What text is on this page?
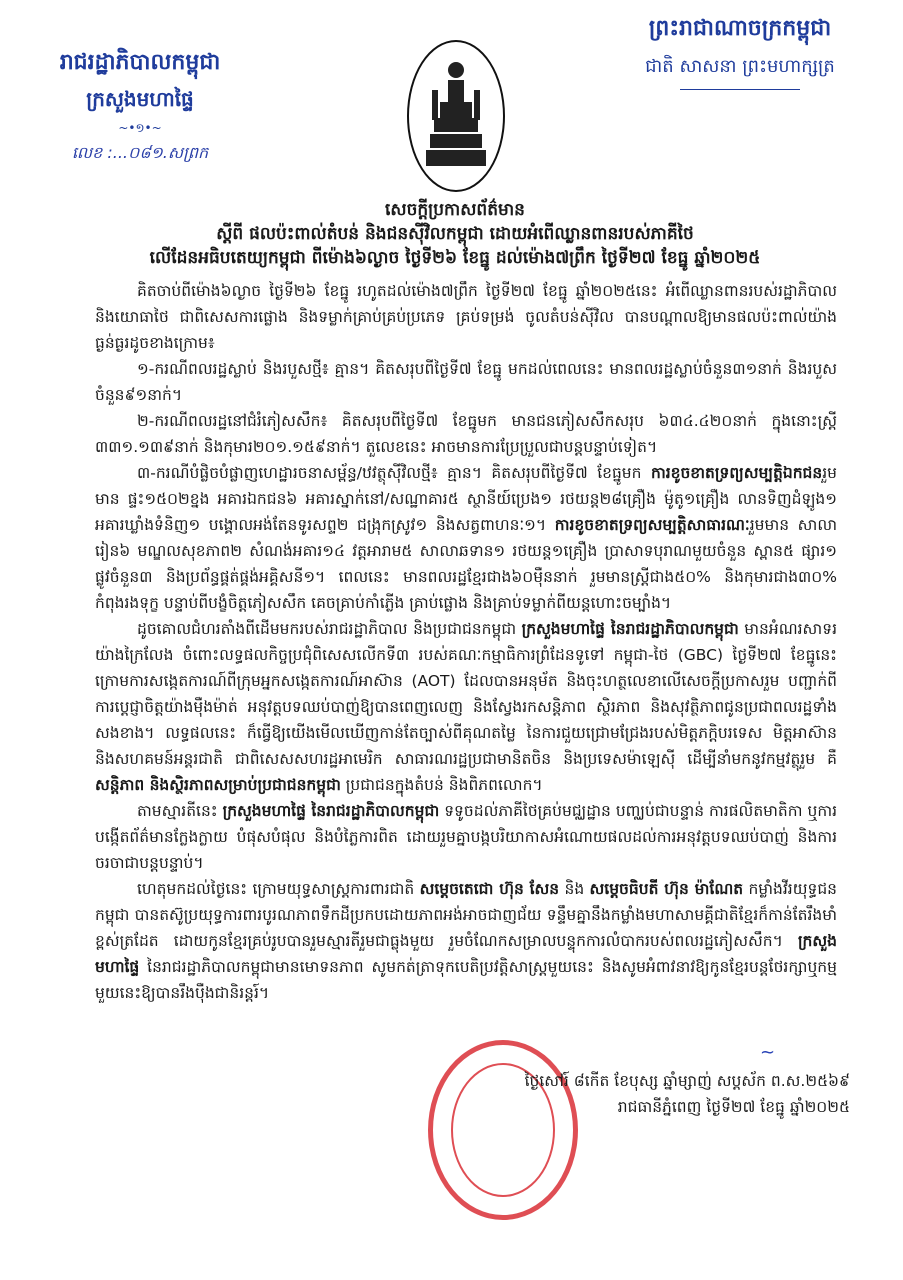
រាជរដ្ឋាភិបាលកម្ពុជា
ក្រសួងមហាផ្ទៃ
~•១•~
លេខ :...០៨១.សព្រក
ព្រះរាជាណាចក្រកម្ពុជា
ជាតិ សាសនា ព្រះមហាក្សត្រ
សេចក្តីប្រកាសព័ត៌មាន
ស្តីពី ផលប៉ះពាល់តំបន់ និងជនស៊ីវិលកម្ពុជា ដោយអំពើឈ្លានពានរបស់ភាគីថៃ
លើដែនអធិបតេយ្យកម្ពុជា ពីម៉ោង៦ល្ងាច ថ្ងៃទី២៦ ខែធ្នូ ដល់ម៉ោង៧ព្រឹក ថ្ងៃទី២៧ ខែធ្នូ ឆ្នាំ២០២៥

គិតចាប់ពីម៉ោង៦ល្ងាច ថ្ងៃទី២៦ ខែធ្នូ រហូតដល់ម៉ោង៧ព្រឹក ថ្ងៃទី២៧ ខែធ្នូ ឆ្នាំ២០២៥នេះ អំពើឈ្លានពានរបស់រដ្ឋាភិបាល និងយោធាថៃ ជាពិសេសការផ្លោង និងទម្លាក់គ្រាប់គ្រប់ប្រភេទ គ្រប់ទម្រង់ ចូលតំបន់ស៊ីវិល បានបណ្តាលឱ្យមានផលប៉ះពាល់យ៉ាងធ្ងន់ធ្ងរដូចខាងក្រោម៖

១-ករណីពលរដ្ឋស្លាប់ និងរបួសថ្មី៖ គ្មាន។ គិតសរុបពីថ្ងៃទី៧ ខែធ្នូ មកដល់ពេលនេះ មានពលរដ្ឋស្លាប់ចំនួន៣១នាក់ និងរបួសចំនួន៩១នាក់។

២-ករណីពលរដ្ឋនៅជំរំភៀសសឹក៖ គិតសរុបពីថ្ងៃទី៧ ខែធ្នូមក មានជនភៀសសឹកសរុប ៦៣៤.៤២០នាក់ ក្នុងនោះស្ត្រី ៣៣១.១៣៩នាក់ និងកុមារ២០១.១៥៩នាក់។ តួលេខនេះ អាចមានការប្រែប្រួលជាបន្តបន្ទាប់ទៀត។

៣-ករណីបំផ្លិចបំផ្លាញហេដ្ឋារចនាសម្ព័ន្ធ/ឋវត្ថុស៊ីវិលថ្មី៖ គ្មាន។ គិតសរុបពីថ្ងៃទី៧ ខែធ្នូមក ការខូចខាតទ្រព្យសម្បត្តិឯកជនរួមមាន ផ្ទះ១៥០២ខ្នង អគារឯកជន៦ អគារស្នាក់នៅ/សណ្ឋាគារ៥ ស្ថានីយ៍ប្រេង១ រថយន្ត២៨គ្រឿង ម៉ូតូ១គ្រឿង លានទិញដំឡូង១ អគារឃ្លាំងទំនិញ១ បង្គោលអង់តែនទូរសព្ទ២ ជង្រុកស្រូវ១ និងសត្វពាហនៈ១។ ការខូចខាតទ្រព្យសម្បត្តិសាធារណៈរួមមាន សាលារៀន៦ មណ្ឌលសុខភាព២ សំណង់អគារ១៤ វត្តអារាម៥ សាលាឆទាន១ រថយន្ត១គ្រឿង ប្រាសាទបុរាណមួយចំនួន ស្ពាន៥ ផ្សារ១ ផ្លូវចំនួន៣ និងប្រព័ន្ធផ្គត់ផ្គង់អគ្គិសនី១។ ពេលនេះ មានពលរដ្ឋខ្មែរជាង៦០ម៉ឺននាក់ រួមមានស្ត្រីជាង៥០% និងកុមារជាង៣០% កំពុងរងទុក្ខ បន្ទាប់ពីបង្ខំចិត្តភៀសសឹក គេចគ្រាប់កាំភ្លើង គ្រាប់ផ្លោង និងគ្រាប់ទម្លាក់ពីយន្តហោះចម្បាំង។

ដូចគោលជំហរតាំងពីដើមមករបស់រាជរដ្ឋាភិបាល និងប្រជាជនកម្ពុជា ក្រសួងមហាផ្ទៃ នៃរាជរដ្ឋាភិបាលកម្ពុជា មានអំណរសាទរយ៉ាងក្រៃលែង ចំពោះលទ្ធផលកិច្ចប្រជុំពិសេសលើកទី៣ របស់គណៈកម្មាធិការព្រំដែនទូទៅ កម្ពុជា-ថៃ (GBC) ថ្ងៃទី២៧ ខែធ្នូនេះ ក្រោមការសង្កេតការណ៍ពីក្រុមអ្នកសង្កេតការណ៍អាស៊ាន (AOT) ដែលបានអនុម័ត និងចុះហត្ថលេខាលើសេចក្តីប្រកាសរួម បញ្ជាក់ពីការប្តេជ្ញាចិត្តយ៉ាងម៉ឺងម៉ាត់ អនុវត្តបទឈប់បាញ់ឱ្យបានពេញលេញ និងស្វែងរកសន្តិភាព ស្ថិរភាព និងសុវត្ថិភាពជូនប្រជាពលរដ្ឋទាំងសងខាង។ លទ្ធផលនេះ ក៏ធ្វើឱ្យយើងមើលឃើញកាន់តែច្បាស់ពីគុណតម្លៃ នៃការជួយជ្រោមជ្រែងរបស់មិត្តភក្តិបរទេស មិត្តអាស៊ាន និងសហគមន៍អន្តរជាតិ ជាពិសេសសហរដ្ឋអាមេរិក សាធារណរដ្ឋប្រជាមានិតចិន និងប្រទេសម៉ាឡេស៊ី ដើម្បីនាំមកនូវកម្មវត្ថុរួម គឺសន្តិភាព និងស្ថិរភាពសម្រាប់ប្រជាជនកម្ពុជា ប្រជាជនក្នុងតំបន់ និងពិភពលោក។

តាមស្មារតីនេះ ក្រសួងមហាផ្ទៃ នៃរាជរដ្ឋាភិបាលកម្ពុជា ទទូចដល់ភាគីថៃគ្រប់មជ្ឈដ្ឋាន បញ្ឈប់ជាបន្ទាន់ ការផលិតមាតិកា ឬការបង្កើតព័ត៌មានក្លែងក្លាយ បំផុសបំផុល និងបំភ្លៃការពិត ដោយរួមគ្នាបង្កបរិយាកាសអំណោយផលដល់ការអនុវត្តបទឈប់បាញ់ និងការចរចាជាបន្តបន្ទាប់។

ហេតុមកដល់ថ្ងៃនេះ ក្រោមយុទ្ធសាស្ត្រការពារជាតិ សម្តេចតេជោ ហ៊ុន សែន និង សម្តេចធិបតី ហ៊ុន ម៉ាណែត កម្លាំងវីរយុទ្ធជនកម្ពុជា បានតស៊ូប្រយុទ្ធការពារបូរណភាពទឹកដីប្រកបដោយភាពអង់អាចជាញជ័យ ទន្ទឹមគ្នានឹងកម្លាំងមហាសាមគ្គីជាតិខ្មែរក៏កាន់តែរឹងមាំខ្ពស់ត្រដែត ដោយកូនខ្មែរគ្រប់រូបបានរួមស្មារតីរួមជាធ្លុងមួយ រួមចំណែកសម្រាលបន្ទុកការលំបាករបស់ពលរដ្ឋភៀសសឹក។ ក្រសួងមហាផ្ទៃ នៃរាជរដ្ឋាភិបាលកម្ពុជាមានមោទនភាព សូមកត់ត្រាទុកបេតិប្រវត្តិសាស្ត្រមួយនេះ និងសូមអំពាវនាវឱ្យកូនខ្មែរបន្តថែរក្សាឬកម្មមួយនេះឱ្យបានរឹងប៉ឺងជានិរន្តរ៍។

~
ថ្ងៃសៅរ៍ ៨កើត ខែបុស្ស ឆ្នាំម្សាញ់ សប្តស័ក ព.ស.២៥៦៩
រាជធានីភ្នំពេញ ថ្ងៃទី២៧ ខែធ្នូ ឆ្នាំ២០២៥
